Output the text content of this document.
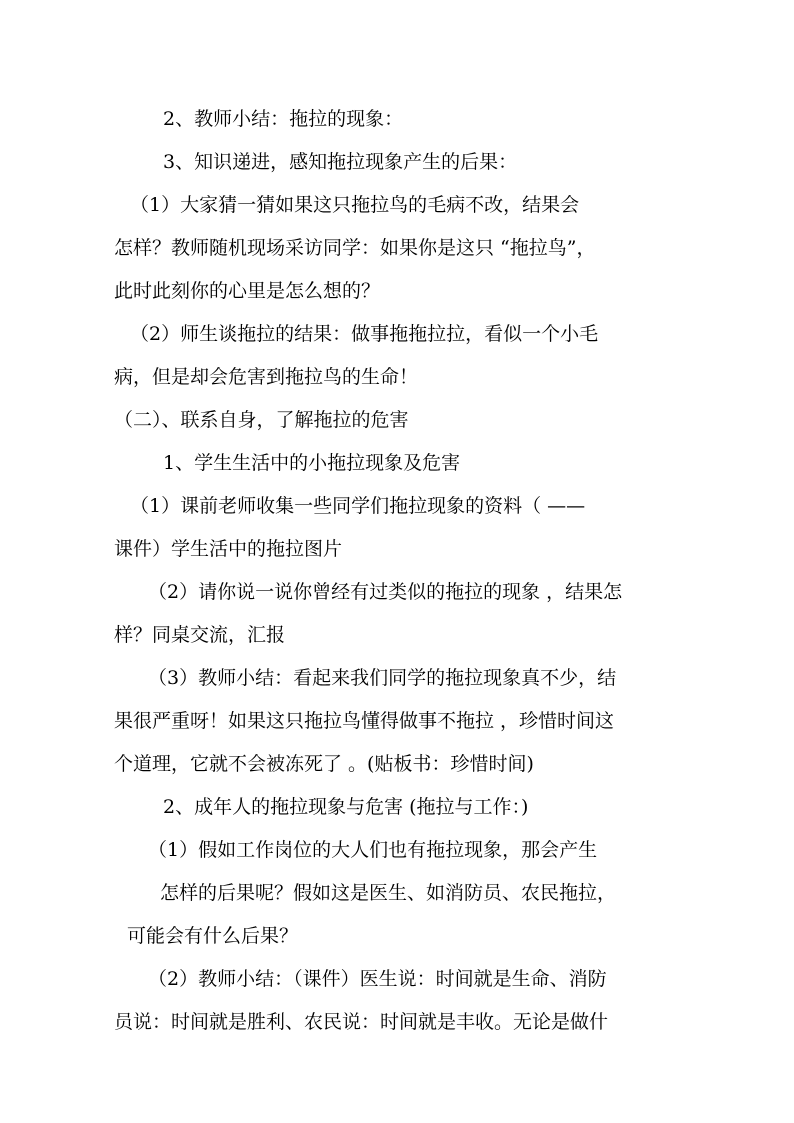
2、教师小结：拖拉的现象：
3、知识递进，感知拖拉现象产生的后果：
（1）大家猜一猜如果这只拖拉鸟的毛病不改，结果会
怎样？教师随机现场采访同学：如果你是这只 “拖拉鸟”，
此时此刻你的心里是怎么想的？
（2）师生谈拖拉的结果：做事拖拖拉拉，看似一个小毛
病，但是却会危害到拖拉鸟的生命！
（二）、联系自身，了解拖拉的危害
1、学生生活中的小拖拉现象及危害
（1）课前老师收集一些同学们拖拉现象的资料（ ——
课件）学生活中的拖拉图片
（2）请你说一说你曾经有过类似的拖拉的现象 ，结果怎
样？同桌交流，汇报
（3）教师小结：看起来我们同学的拖拉现象真不少，结
果很严重呀！如果这只拖拉鸟懂得做事不拖拉 ，珍惜时间这
个道理，它就不会被冻死了 。(贴板书：珍惜时间)
2、成年人的拖拉现象与危害 (拖拉与工作：)
（1）假如工作岗位的大人们也有拖拉现象，那会产生
怎样的后果呢？假如这是医生、如消防员、农民拖拉，
可能会有什么后果？
（2）教师小结：（课件）医生说：时间就是生命、消防
员说：时间就是胜利、农民说：时间就是丰收。无论是做什
